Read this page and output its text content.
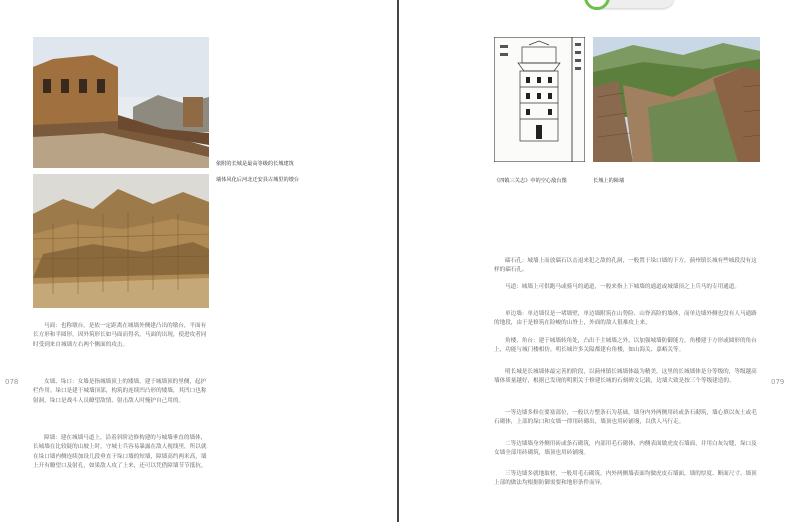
依附的长城是最高等级的长城建筑
墙体风化后河北迁安县古城里的墩台

马面：也称墩台，是依一定距离在城墙外侧建凸出的墩台，平面有长方形和半圆形，因外筑形长如马面而得名。马面的出现，使进攻者同时受到来自城墙左右两个侧面的攻击。

女墙、垛口：女墙是指城墙顶上的矮墙，建于城墙顶的里侧，起护栏作用。垛口是建于城墙顶部，构筑的连续凹凸形的矮墙，其凹口也称射洞，垛口是战斗人员瞭望敌情、射击敌人时掩护自己用的。

障墙：建在城墙马道上，沿着斜阶边修构建的与城墙垂直的墙体，长城墙在比较陡的山坡上时，守城士兵容易暴露在敌人视线里，所以就在垛口墙内侧连续加设几段垂直于垛口墙的短墙，障墙高约两米高，墙上开有瞭望口及射孔，如果敌人攻了上来，还可以凭借障墙节节抵抗。

078
《四镇三关志》中的空心敌台图	长城上的障墙

礌石孔：城墙上而放礌石以击退来犯之敌的孔洞，一般置于垛口墙的下方。蓟州镇长城有些城段没有这样的礌石孔。

马道：城墙上可供跑马或骑马的通道，一般来指上下城墙的通道或城墙顶之上兵马的专用通道。

单边墙：单边墙仅是一堵墙壁，单边墙附筑在山势险、山脊高险的墙体，而单边墙外侧也没有人马通路的地段，由于是修筑在险峻的山脊上，外面的敌人很难攻上来。

角楼、角台：建于城墙转角处，凸出于主城墙之外，以加强城墙防御能力，角楼建于方形或圆形的角台上，功能与城门楼相仿，明长城许多关隘都建有角楼，如山海关、嘉峪关等。

明长城是长城墙体最完善的阶段，以蓟州镇长城墙体最为精美，这里的长城墙体是分等级的，等级越高墙体质量越好，根据已发现的明朝关于修建长城的石刻碑文记载，边墙大致是按三个等级建造的。

一等边墙多修在要塞部位，一般以方整条石为基础，墙身内外两侧用砖或条石砌筑，墙心填以灰土或毛石砌体，上部的垛口和女墙一律用砖砌出，墙顶也用砖铺墁，以供人马行走。

二等边墙墙身外侧用砖或条石砌筑，内部用毛石砌体，内侧表面做虎皮石墙面，并用白灰勾缝，垛口及女墙全部用砖砌筑，墙顶也用砖铺墁。

三等边墙多就地取材，一般用毛石砌筑，内外两侧墙表面均做虎皮石墙面，墙的厚度、断面尺寸、墙顶上部的做法均根据防御需要和地形条件而异。

079
